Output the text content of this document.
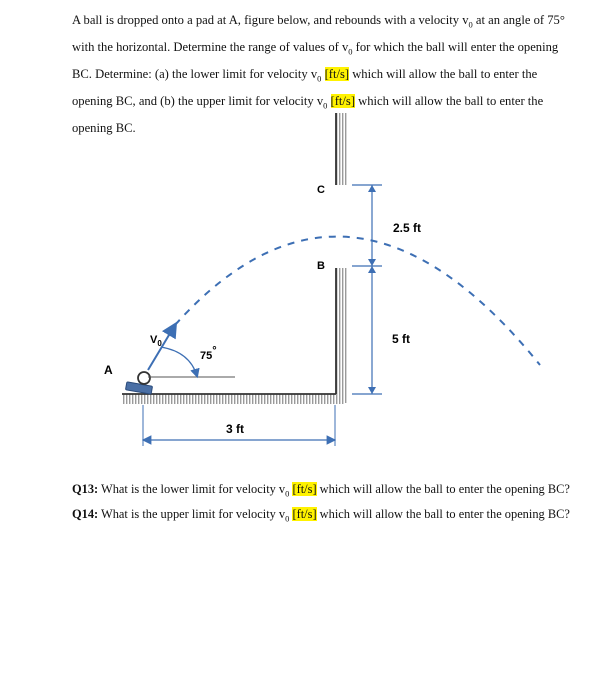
A ball is dropped onto a pad at A, figure below, and rebounds with a velocity $v_0$ at an angle of 75° with the horizontal. Determine the range of values of $v_0$ for which the ball will enter the opening BC. Determine: (a) the lower limit for velocity $v_0$ [ft/s] which will allow the ball to enter the opening BC, and (b) the upper limit for velocity $v_0$ [ft/s] which will allow the ball to enter the opening BC.

A
B
C
$V_0$
75°
3 ft
2.5 ft
5 ft

Q13: What is the lower limit for velocity $v_0$ [ft/s] which will allow the ball to enter the opening BC?

Q14: What is the upper limit for velocity $v_0$ [ft/s] which will allow the ball to enter the opening BC?
